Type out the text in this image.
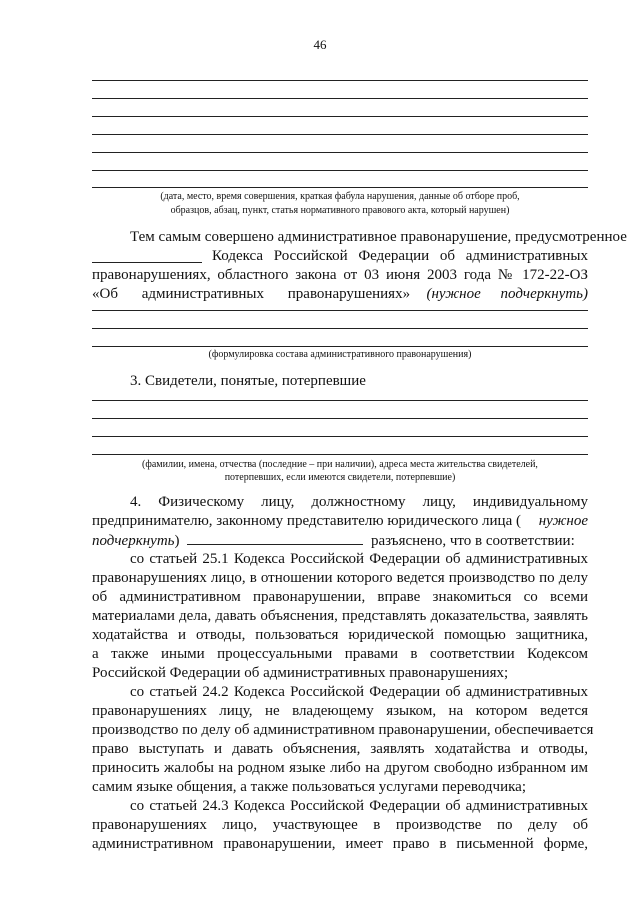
46
(дата, место, время совершения, краткая фабула нарушения, данные об отборе проб,
образцов, абзац, пункт, статья нормативного правового акта, который нарушен)
Тем самым совершено административное правонарушение, предусмотренное
Кодекса Российской Федерации об административных
правонарушениях, областного закона от 03 июня 2003 года № 172-22-ОЗ
«Об административных правонарушениях» (нужное подчеркнуть)
(формулировка состава административного правонарушения)
3. Свидетели, понятые, потерпевшие
(фамилии, имена, отчества (последние – при наличии), адреса места жительства свидетелей,
потерпевших, если имеются свидетели, потерпевшие)
4. Физическому лицу, должностному лицу, индивидуальному
предпринимателю, законному представителю юридического лица ( нужное
подчеркнуть)	разъяснено, что в соответствии:
со статьей 25.1 Кодекса Российской Федерации об административных
правонарушениях лицо, в отношении которого ведется производство по делу
об административном правонарушении, вправе знакомиться со всеми
материалами дела, давать объяснения, представлять доказательства, заявлять
ходатайства и отводы, пользоваться юридической помощью защитника,
а также иными процессуальными правами в соответствии Кодексом
Российской Федерации об административных правонарушениях;
со статьей 24.2 Кодекса Российской Федерации об административных
правонарушениях лицу, не владеющему языком, на котором ведется
производство по делу об административном правонарушении, обеспечивается
право выступать и давать объяснения, заявлять ходатайства и отводы,
приносить жалобы на родном языке либо на другом свободно избранном им
самим языке общения, а также пользоваться услугами переводчика;
со статьей 24.3 Кодекса Российской Федерации об административных
правонарушениях лицо, участвующее в производстве по делу об
административном правонарушении, имеет право в письменной форме,
